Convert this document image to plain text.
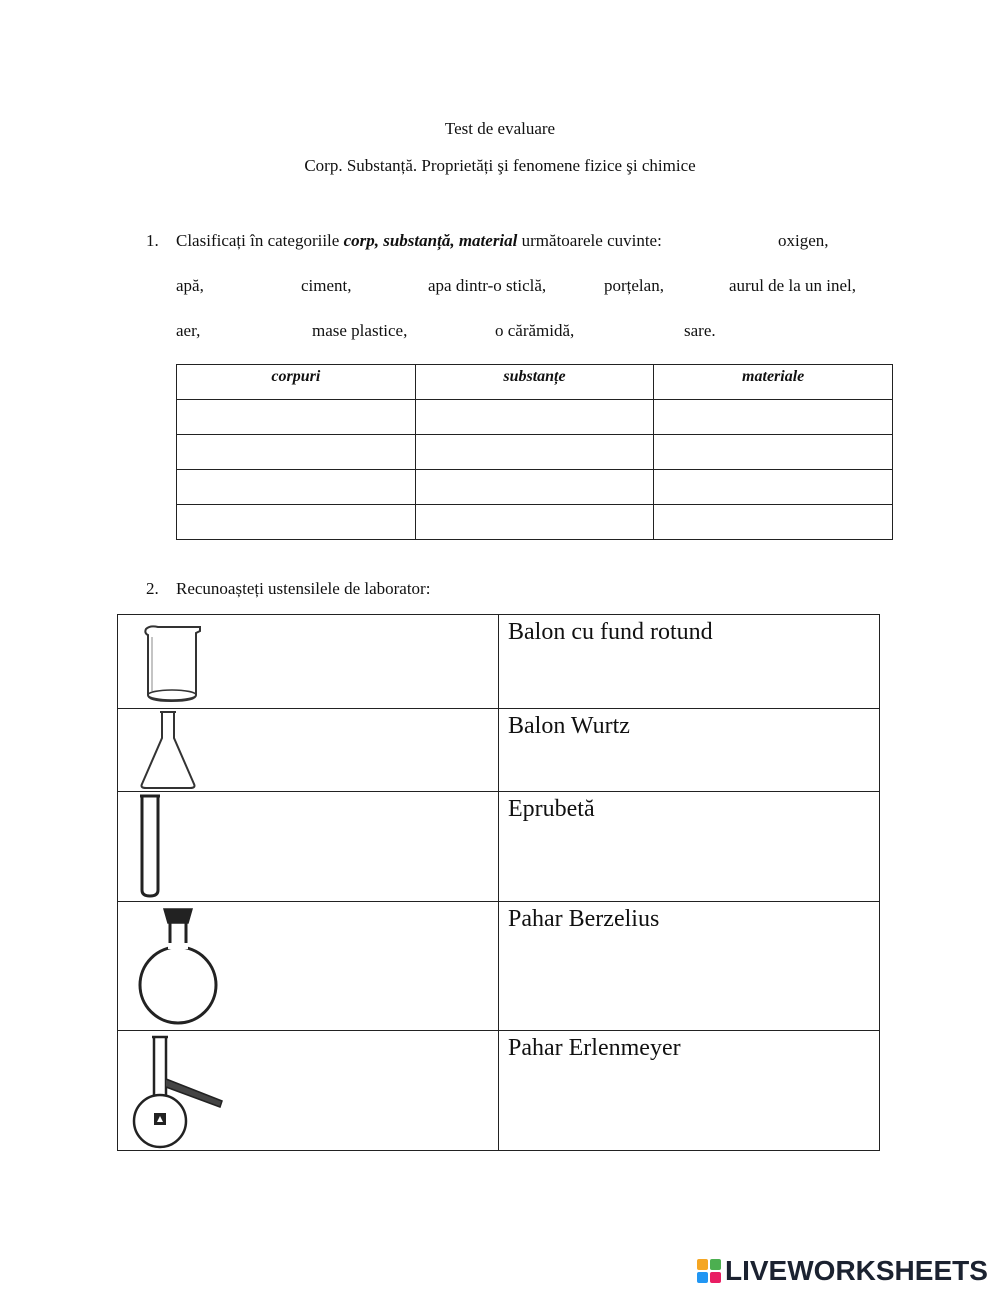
Test de evaluare
Corp. Substanță. Proprietăți şi fenomene fizice şi chimice
1. Clasificați în categoriile corp, substanță, material următoarele cuvinte:	oxigen,
apă,	ciment,	apa dintr-o sticlă,	porțelan,	aurul de la un inel,
aer,	mase plastice,	o cărămidă,	sare.
corpuri	substanțe	materiale

2. Recunoașteți ustensilele de laborator:
	Balon cu fund rotund

	Balon Wurtz

	Eprubetă

	Pahar Berzelius

	Pahar Erlenmeyer
LIVEWORKSHEETS
